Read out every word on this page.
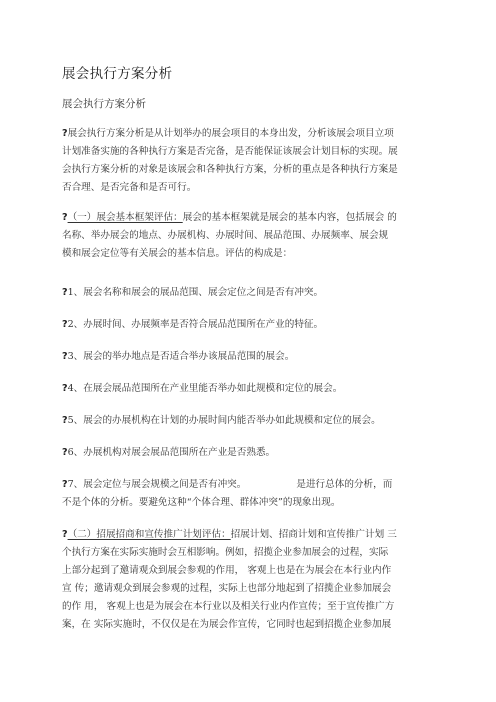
展会执行方案分析
展会执行方案分析
?展会执行方案分析是从计划举办的展会项目的本身出发，分析该展会项目立项
计划准备实施的各种执行方案是否完备，是否能保证该展会计划目标的实现。展
会执行方案分析的对象是该展会和各种执行方案，分析的重点是各种执行方案是
否合理、是否完备和是否可行。
?（一）展会基本框架评估：展会的基本框架就是展会的基本内容，包括展会 的
名称、举办展会的地点、办展机构、办展时间、展品范围、办展频率、展会规
模和展会定位等有关展会的基本信息。评估的构成是：
?1、展会名称和展会的展品范围、展会定位之间是否有冲突。
?2、办展时间、办展频率是否符合展品范围所在产业的特征。
?3、展会的举办地点是否适合举办该展品范围的展会。
?4、在展会展品范围所在产业里能否举办如此规模和定位的展会。
?5、展会的办展机构在计划的办展时间内能否举办如此规模和定位的展会。
?6、办展机构对展会展品范围所在产业是否熟悉。
?7、展会定位与展会规模之间是否有冲突。	是进行总体的分析，而
不是个体的分析。要避免这种“个体合理、群体冲突”的现象出现。
?（二）招展招商和宣传推广计划评估：招展计划、招商计划和宣传推广计划 三
个执行方案在实际实施时会互相影响。例如，招揽企业参加展会的过程，实际
上部分起到了邀请观众到展会参观的作用， 客观上也是在为展会在本行业内作
宣 传；邀请观众到展会参观的过程，实际上也部分地起到了招揽企业参加展会
的作 用， 客观上也是为展会在本行业以及相关行业内作宣传；至于宣传推广方
案，在 实际实施时，不仅仅是在为展会作宣传，它同时也起到招揽企业参加展
